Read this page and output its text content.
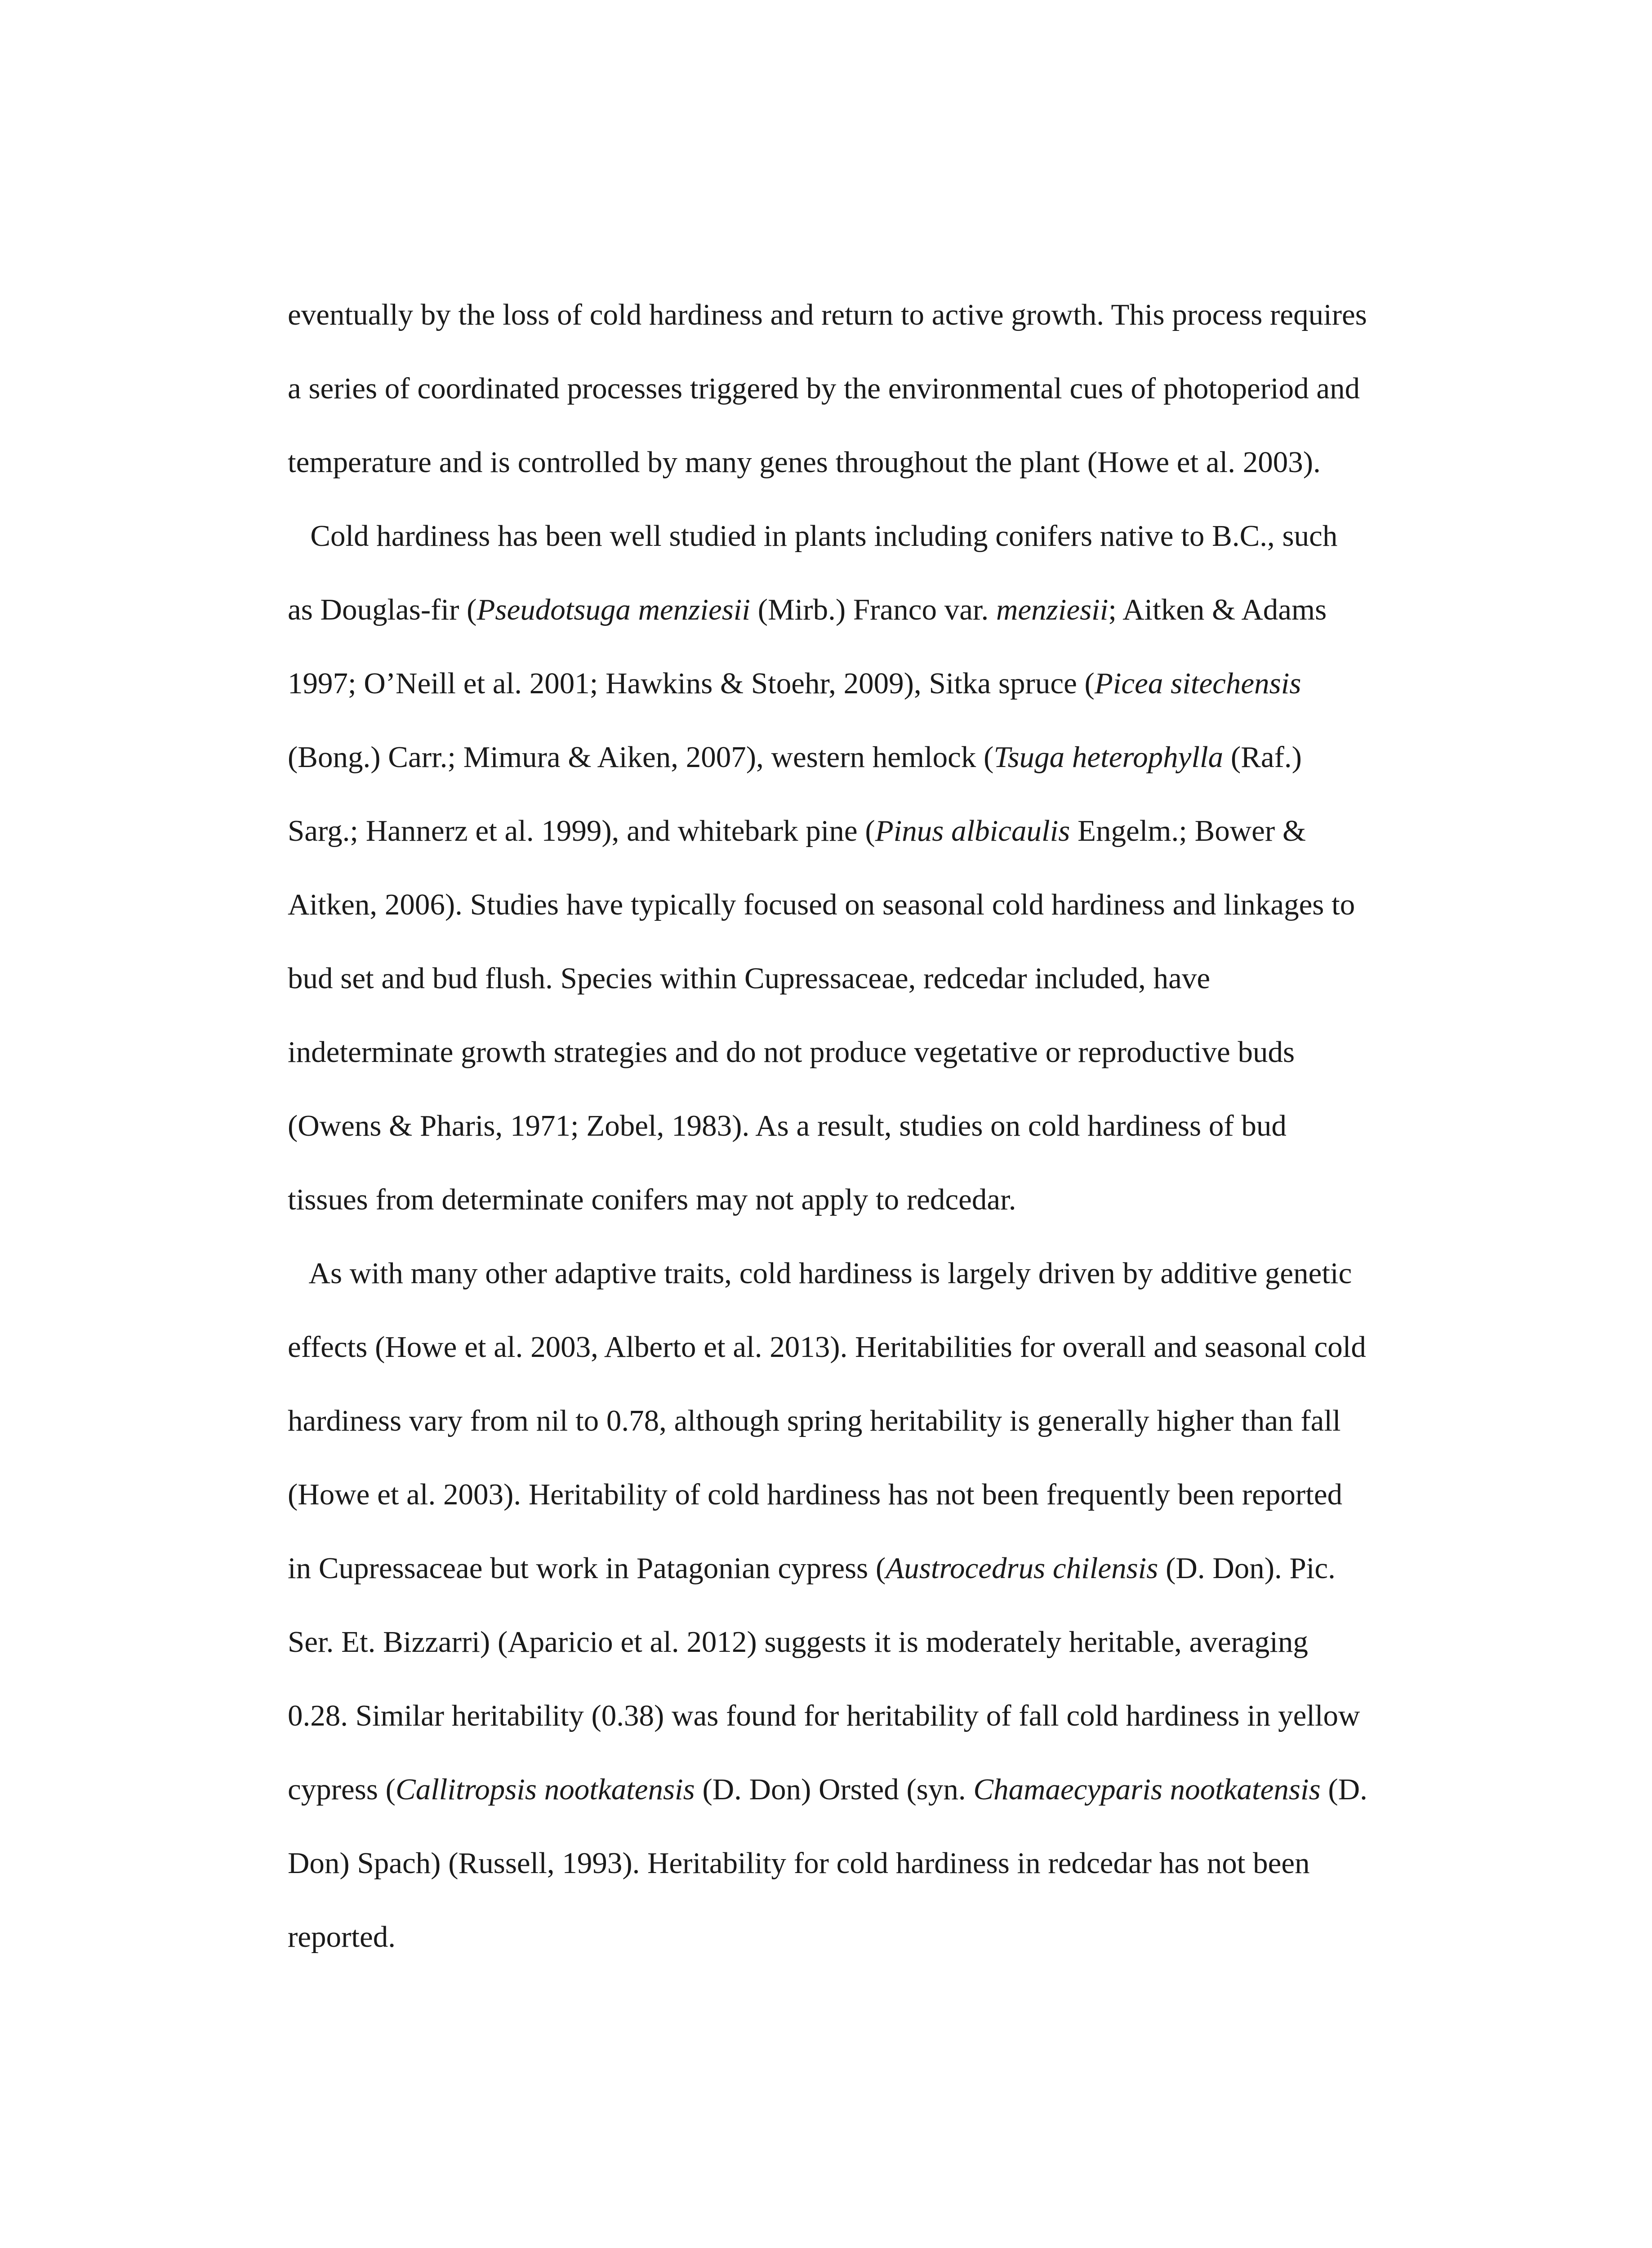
eventually by the loss of cold hardiness and return to active growth. This process requires
a series of coordinated processes triggered by the environmental cues of photoperiod and
temperature and is controlled by many genes throughout the plant (Howe et al. 2003).
Cold hardiness has been well studied in plants including conifers native to B.C., such
as Douglas-fir (Pseudotsuga menziesii (Mirb.) Franco var. menziesii; Aitken & Adams
1997; O’Neill et al. 2001; Hawkins & Stoehr, 2009), Sitka spruce (Picea sitechensis
(Bong.) Carr.; Mimura & Aiken, 2007), western hemlock (Tsuga heterophylla (Raf.)
Sarg.; Hannerz et al. 1999), and whitebark pine (Pinus albicaulis Engelm.; Bower &
Aitken, 2006). Studies have typically focused on seasonal cold hardiness and linkages to
bud set and bud flush. Species within Cupressaceae, redcedar included, have
indeterminate growth strategies and do not produce vegetative or reproductive buds
(Owens & Pharis, 1971; Zobel, 1983). As a result, studies on cold hardiness of bud
tissues from determinate conifers may not apply to redcedar.
As with many other adaptive traits, cold hardiness is largely driven by additive genetic
effects (Howe et al. 2003, Alberto et al. 2013). Heritabilities for overall and seasonal cold
hardiness vary from nil to 0.78, although spring heritability is generally higher than fall
(Howe et al. 2003). Heritability of cold hardiness has not been frequently been reported
in Cupressaceae but work in Patagonian cypress (Austrocedrus chilensis (D. Don). Pic.
Ser. Et. Bizzarri) (Aparicio et al. 2012) suggests it is moderately heritable, averaging
0.28. Similar heritability (0.38) was found for heritability of fall cold hardiness in yellow
cypress (Callitropsis nootkatensis (D. Don) Orsted (syn. Chamaecyparis nootkatensis (D.
Don) Spach) (Russell, 1993). Heritability for cold hardiness in redcedar has not been
reported.
